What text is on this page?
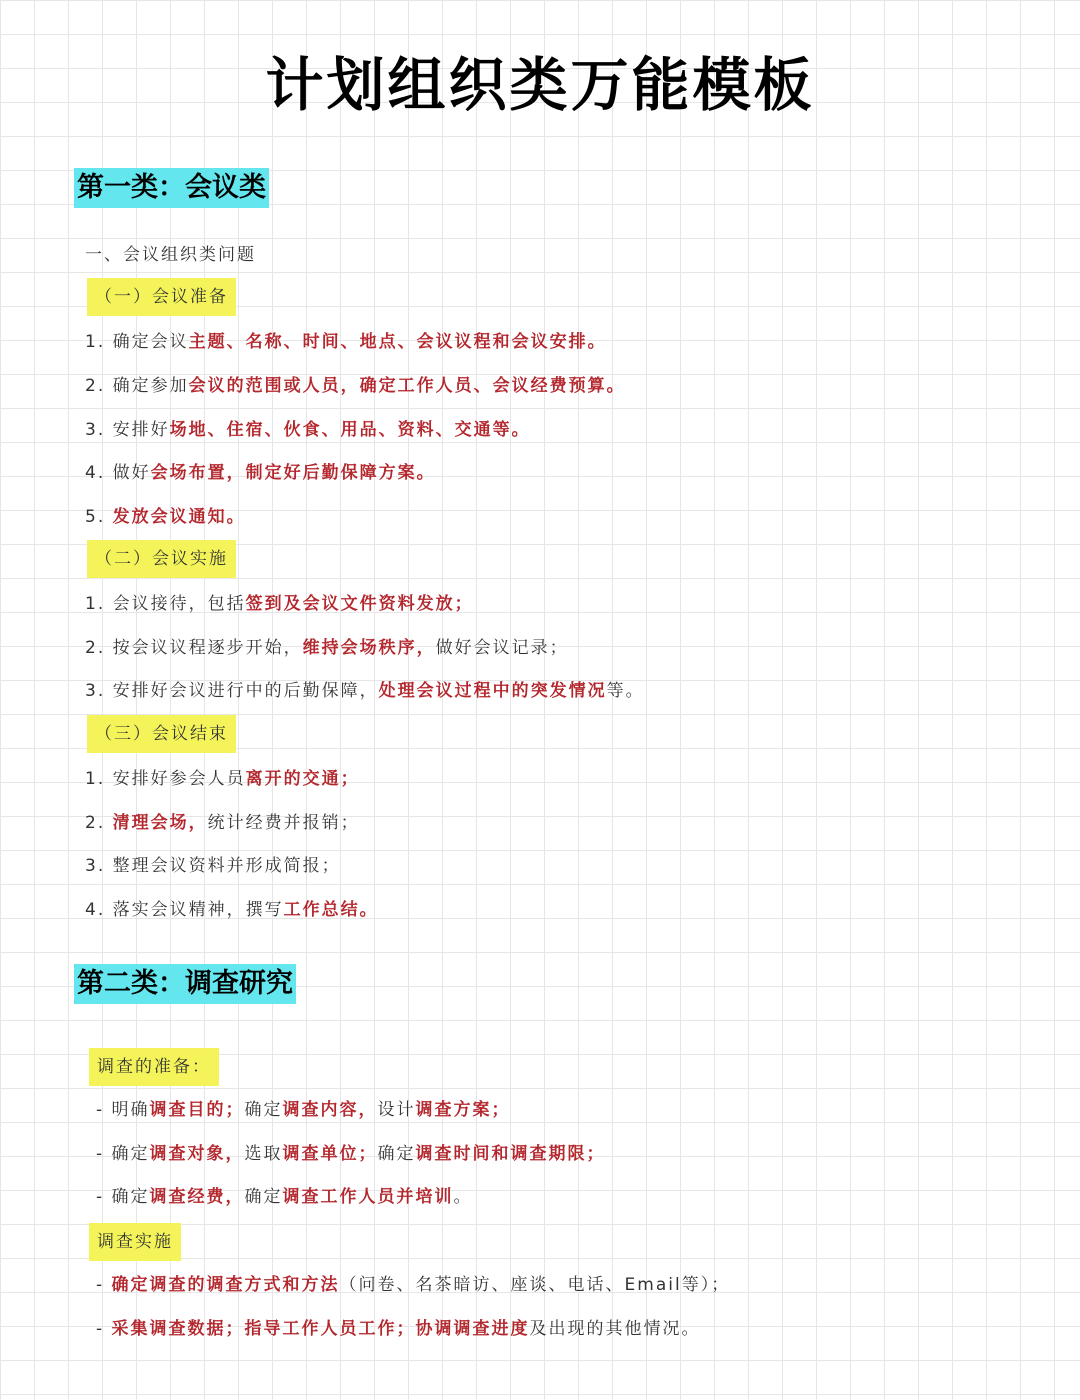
计划组织类万能模板
第一类：会议类
一、会议组织类问题
（一）会议准备
1. 确定会议主题、名称、时间、地点、会议议程和会议安排。
2. 确定参加会议的范围或人员，确定工作人员、会议经费预算。
3. 安排好场地、住宿、伙食、用品、资料、交通等。
4. 做好会场布置，制定好后勤保障方案。
5. 发放会议通知。
（二）会议实施
1. 会议接待，包括签到及会议文件资料发放；
2. 按会议议程逐步开始，维持会场秩序，做好会议记录；
3. 安排好会议进行中的后勤保障，处理会议过程中的突发情况等。
（三）会议结束
1. 安排好参会人员离开的交通；
2. 清理会场，统计经费并报销；
3. 整理会议资料并形成简报；
4. 落实会议精神，撰写工作总结。
第二类：调查研究
调查的准备：
- 明确调查目的；确定调查内容，设计调查方案；
- 确定调查对象，选取调查单位；确定调查时间和调查期限；
- 确定调查经费，确定调查工作人员并培训。
调查实施
- 确定调查的调查方式和方法（问卷、名茶暗访、座谈、电话、Email等）；
- 采集调查数据；指导工作人员工作；协调调查进度及出现的其他情况。
